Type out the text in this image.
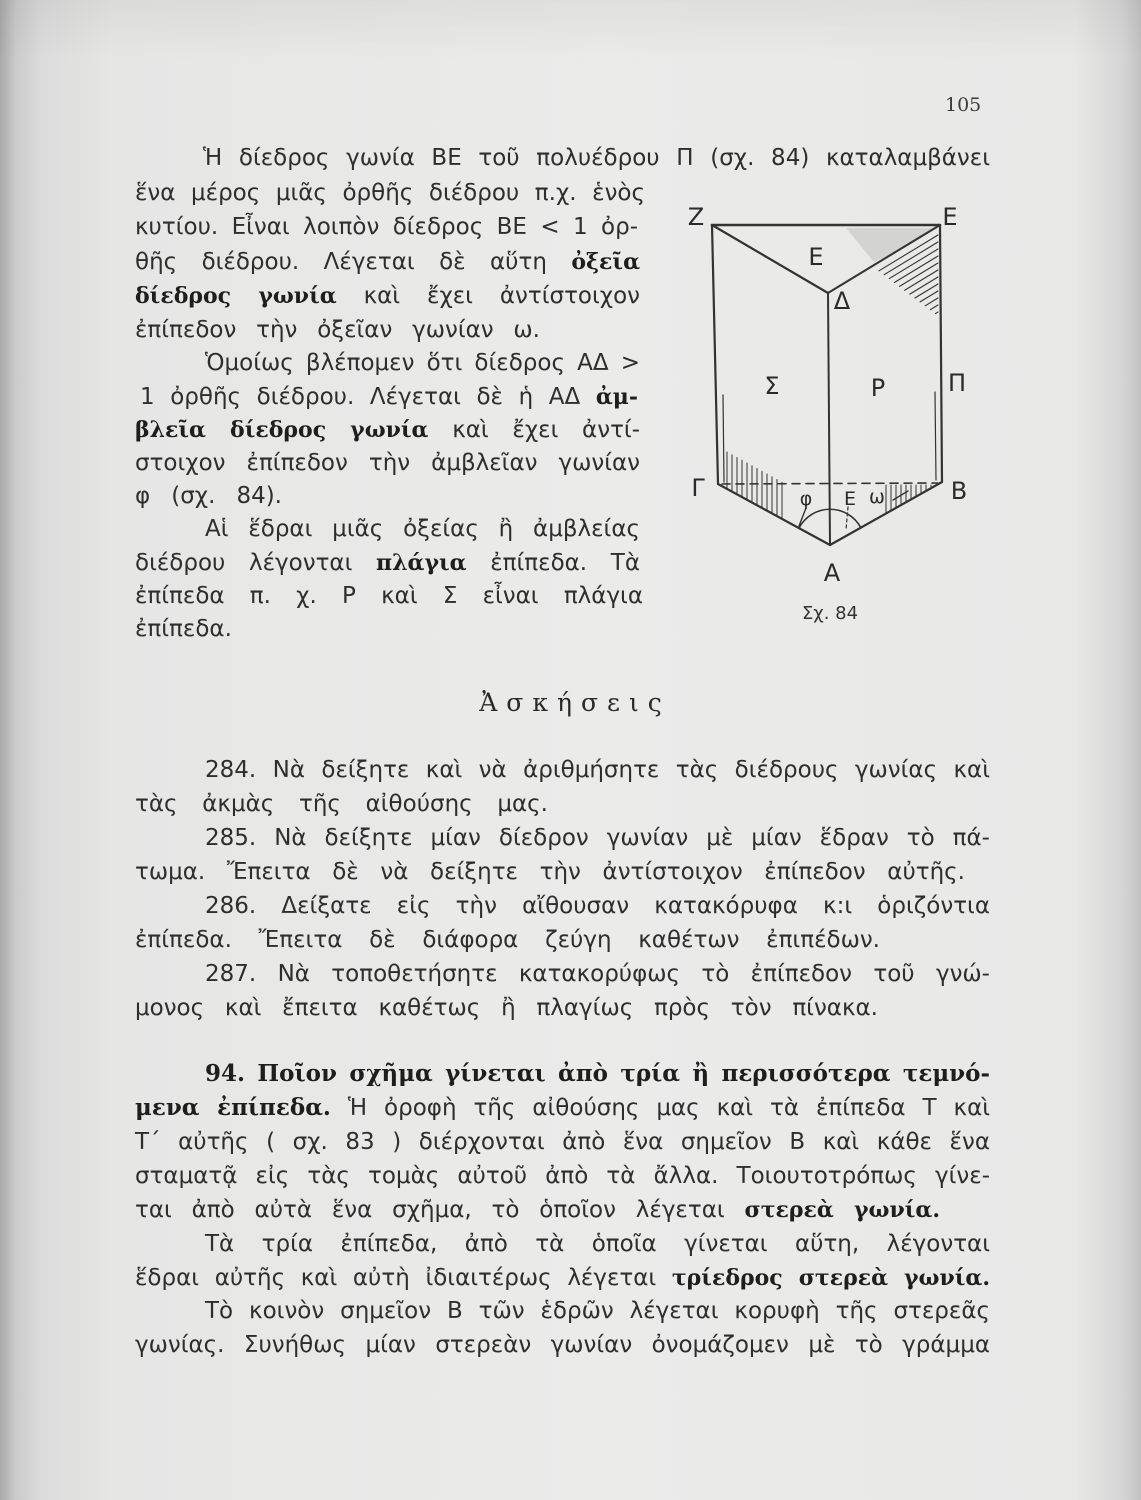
105
Ἡ δίεδρος γωνία ΒΕ τοῦ πολυέδρου Π (σχ. 84) καταλαμβάνει
ἕνα μέρος μιᾶς ὀρθῆς διέδρου π.χ. ἑνὸς
κυτίου. Εἶναι λοιπὸν δίεδρος ΒΕ < 1 ὀρ-
θῆς διέδρου. Λέγεται δὲ αὕτη ὀξεῖα
δίεδρος γωνία καὶ ἔχει ἀντίστοιχον
ἐπίπεδον τὴν ὀξεῖαν γωνίαν ω.
Ὁμοίως βλέπομεν ὅτι δίεδρος ΑΔ >
1 ὀρθῆς διέδρου. Λέγεται δὲ ἡ ΑΔ ἀμ-
βλεῖα δίεδρος γωνία καὶ ἔχει ἀντί-
στοιχον ἐπίπεδον τὴν ἀμβλεῖαν γωνίαν
φ (σχ. 84).
Αἱ ἕδραι μιᾶς ὀξείας ἢ ἀμβλείας
διέδρου λέγονται πλάγια ἐπίπεδα. Τὰ
ἐπίπεδα π. χ. Ρ καὶ Σ εἶναι πλάγια
ἐπίπεδα.
Ζ	Ε
Ε
Δ
Π
Σ	Ρ
Γ	Β
Α
φ Ε ω
Σχ. 84
Ἀσκήσεις
284. Νὰ δείξητε καὶ νὰ ἀριθμήσητε τὰς διέδρους γωνίας καὶ
τὰς ἀκμὰς τῆς αἰθούσης μας.
285. Νὰ δείξητε μίαν δίεδρον γωνίαν μὲ μίαν ἕδραν τὸ πά-
τωμα. Ἔπειτα δὲ νὰ δείξητε τὴν ἀντίστοιχον ἐπίπεδον αὐτῆς.
286. Δείξατε εἰς τὴν αἴθουσαν κατακόρυφα κ:ι ὁριζόντια
ἐπίπεδα. Ἔπειτα δὲ διάφορα ζεύγη καθέτων ἐπιπέδων.
287. Νὰ τοποθετήσητε κατακορύφως τὸ ἐπίπεδον τοῦ γνώ-
μονος καὶ ἔπειτα καθέτως ἢ πλαγίως πρὸς τὸν πίνακα.
94. Ποῖον σχῆμα γίνεται ἀπὸ τρία ἢ περισσότερα τεμνό-
μενα ἐπίπεδα. Ἡ ὀροφὴ τῆς αἰθούσης μας καὶ τὰ ἐπίπεδα Τ καὶ
Τ΄ αὐτῆς ( σχ. 83 ) διέρχονται ἀπὸ ἕνα σημεῖον Β καὶ κάθε ἕνα
σταματᾷ εἰς τὰς τομὰς αὐτοῦ ἀπὸ τὰ ἄλλα. Τοιουτοτρόπως γίνε-
ται ἀπὸ αὐτὰ ἕνα σχῆμα, τὸ ὁποῖον λέγεται στερεὰ γωνία.
Τὰ τρία ἐπίπεδα, ἀπὸ τὰ ὁποῖα γίνεται αὕτη, λέγονται
ἕδραι αὐτῆς καὶ αὐτὴ ἰδιαιτέρως λέγεται τρίεδρος στερεὰ γωνία.
Τὸ κοινὸν σημεῖον Β τῶν ἑδρῶν λέγεται κορυφὴ τῆς στερεᾶς
γωνίας. Συνήθως μίαν στερεὰν γωνίαν ὀνομάζομεν μὲ τὸ γράμμα
